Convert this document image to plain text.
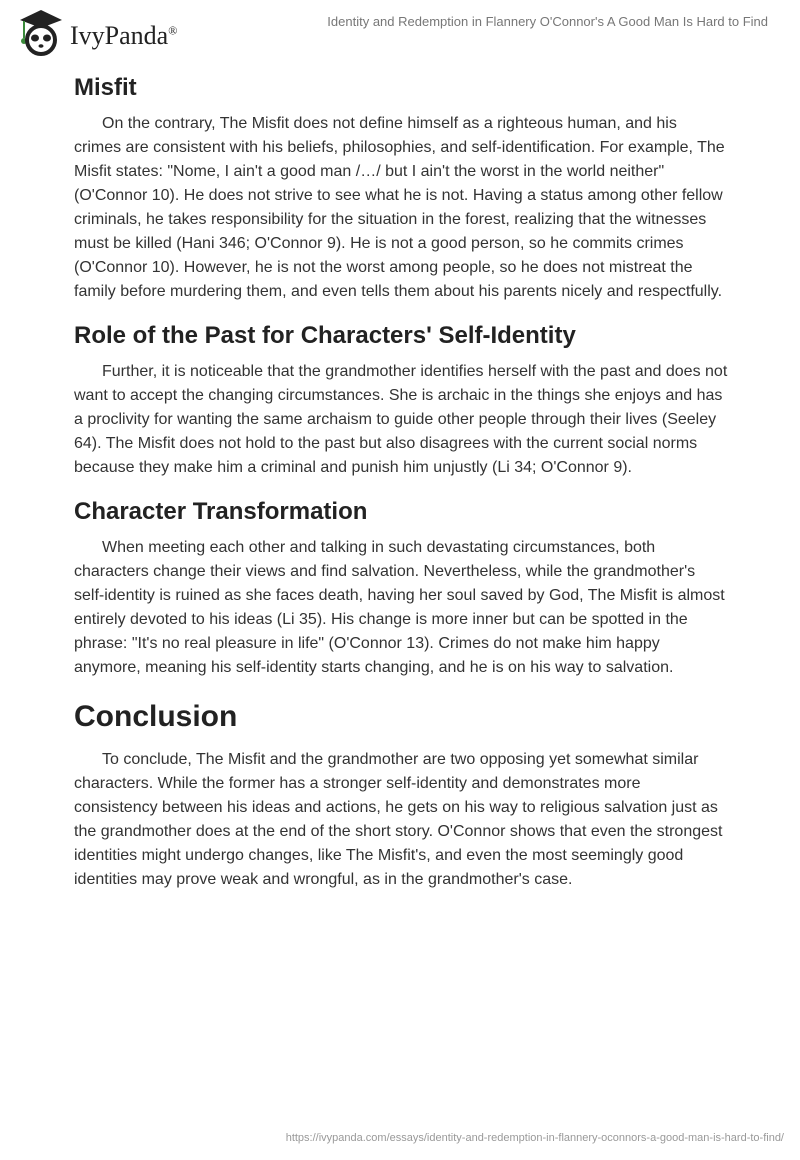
IvyPanda®
Identity and Redemption in Flannery O'Connor's A Good Man Is Hard to Find
Misfit

On the contrary, The Misfit does not define himself as a righteous human, and his crimes are consistent with his beliefs, philosophies, and self-identification. For example, The Misfit states: "Nome, I ain't a good man /…/ but I ain't the worst in the world neither" (O'Connor 10). He does not strive to see what he is not. Having a status among other fellow criminals, he takes responsibility for the situation in the forest, realizing that the witnesses must be killed (Hani 346; O'Connor 9). He is not a good person, so he commits crimes (O'Connor 10). However, he is not the worst among people, so he does not mistreat the family before murdering them, and even tells them about his parents nicely and respectfully.

Role of the Past for Characters' Self-Identity

Further, it is noticeable that the grandmother identifies herself with the past and does not want to accept the changing circumstances. She is archaic in the things she enjoys and has a proclivity for wanting the same archaism to guide other people through their lives (Seeley 64). The Misfit does not hold to the past but also disagrees with the current social norms because they make him a criminal and punish him unjustly (Li 34; O'Connor 9).

Character Transformation

When meeting each other and talking in such devastating circumstances, both characters change their views and find salvation. Nevertheless, while the grandmother's self-identity is ruined as she faces death, having her soul saved by God, The Misfit is almost entirely devoted to his ideas (Li 35). His change is more inner but can be spotted in the phrase: "It's no real pleasure in life" (O'Connor 13). Crimes do not make him happy anymore, meaning his self-identity starts changing, and he is on his way to salvation.

Conclusion

To conclude, The Misfit and the grandmother are two opposing yet somewhat similar characters. While the former has a stronger self-identity and demonstrates more consistency between his ideas and actions, he gets on his way to religious salvation just as the grandmother does at the end of the short story. O'Connor shows that even the strongest identities might undergo changes, like The Misfit's, and even the most seemingly good identities may prove weak and wrongful, as in the grandmother's case.

https://ivypanda.com/essays/identity-and-redemption-in-flannery-oconnors-a-good-man-is-hard-to-find/
